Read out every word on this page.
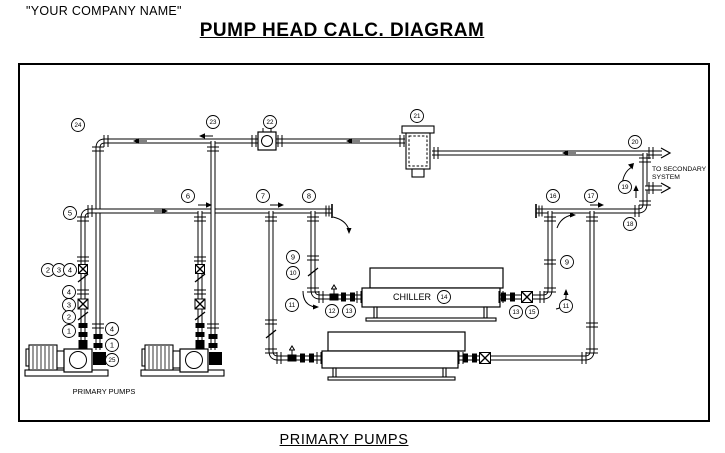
"YOUR COMPANY NAME"
PUMP HEAD CALC. DIAGRAM
CHILLER
TO SECONDARY
SYSTEM
PRIMARY PUMPS
2 3 4
4
3
2
1	4
1
25
5
6	7	8
9
10
11
12 13
14
13 15
11
9
16	17
18
19
20
21
22
23
24
PRIMARY PUMPS
